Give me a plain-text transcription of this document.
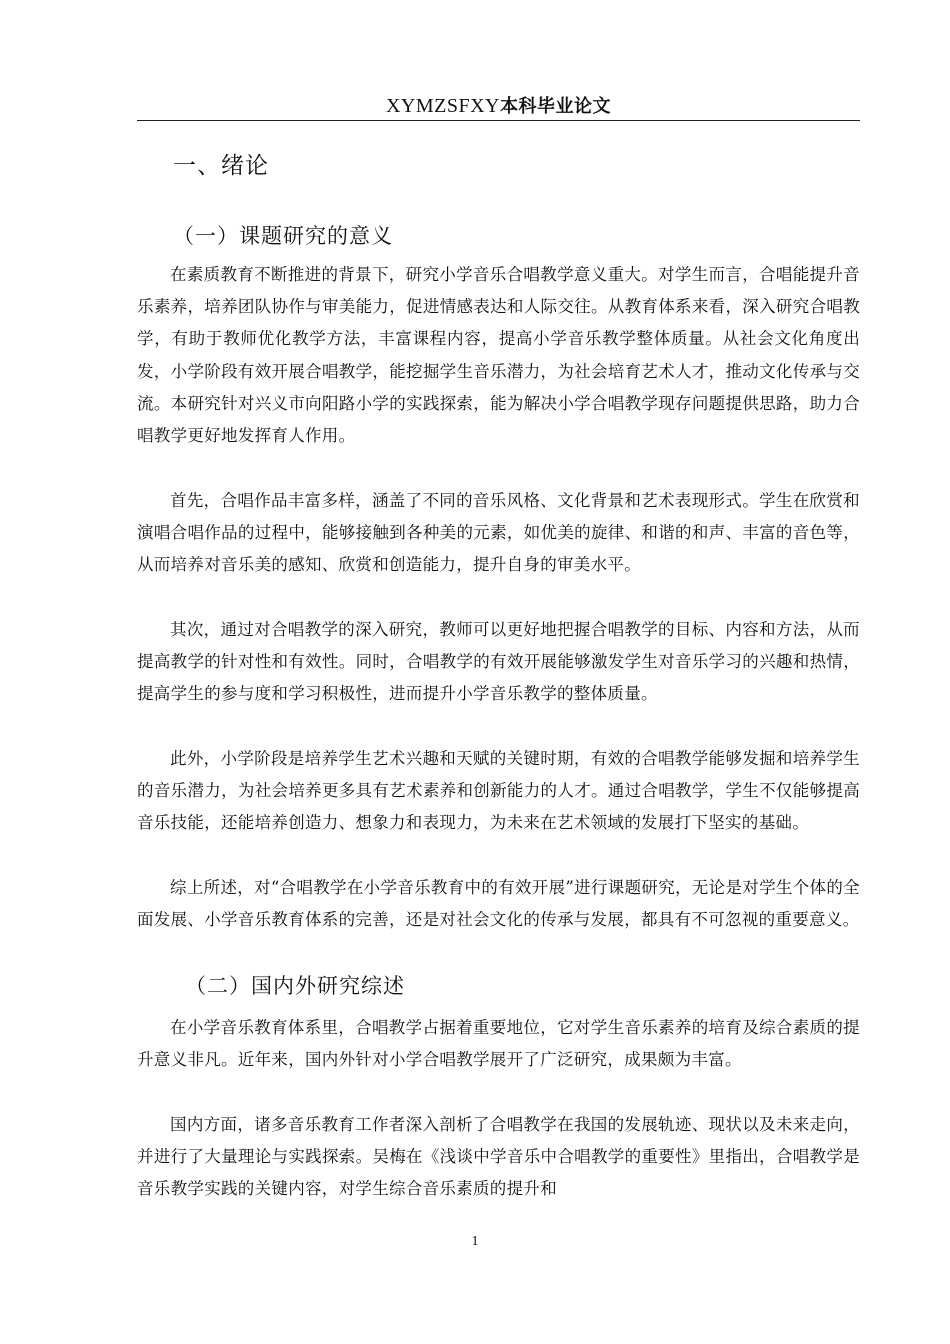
XYMZSFXY本科毕业论文
一、绪论
（一）课题研究的意义

在素质教育不断推进的背景下，研究小学音乐合唱教学意义重大。对学生而言，合唱能提升音乐素养，培养团队协作与审美能力，促进情感表达和人际交往。从教育体系来看，深入研究合唱教学，有助于教师优化教学方法，丰富课程内容，提高小学音乐教学整体质量。从社会文化角度出发，小学阶段有效开展合唱教学，能挖掘学生音乐潜力，为社会培育艺术人才，推动文化传承与交流。本研究针对兴义市向阳路小学的实践探索，能为解决小学合唱教学现存问题提供思路，助力合唱教学更好地发挥育人作用。

首先，合唱作品丰富多样，涵盖了不同的音乐风格、文化背景和艺术表现形式。学生在欣赏和演唱合唱作品的过程中，能够接触到各种美的元素，如优美的旋律、和谐的和声、丰富的音色等，从而培养对音乐美的感知、欣赏和创造能力，提升自身的审美水平。

其次，通过对合唱教学的深入研究，教师可以更好地把握合唱教学的目标、内容和方法，从而提高教学的针对性和有效性。同时，合唱教学的有效开展能够激发学生对音乐学习的兴趣和热情，提高学生的参与度和学习积极性，进而提升小学音乐教学的整体质量。

此外，小学阶段是培养学生艺术兴趣和天赋的关键时期，有效的合唱教学能够发掘和培养学生的音乐潜力，为社会培养更多具有艺术素养和创新能力的人才。通过合唱教学，学生不仅能够提高音乐技能，还能培养创造力、想象力和表现力，为未来在艺术领域的发展打下坚实的基础。

综上所述，对“合唱教学在小学音乐教育中的有效开展”进行课题研究，无论是对学生个体的全面发展、小学音乐教育体系的完善，还是对社会文化的传承与发展，都具有不可忽视的重要意义。

（二）国内外研究综述

在小学音乐教育体系里，合唱教学占据着重要地位，它对学生音乐素养的培育及综合素质的提升意义非凡。近年来，国内外针对小学合唱教学展开了广泛研究，成果颇为丰富。

国内方面，诸多音乐教育工作者深入剖析了合唱教学在我国的发展轨迹、现状以及未来走向，并进行了大量理论与实践探索。吴梅在《浅谈中学音乐中合唱教学的重要性》里指出，合唱教学是音乐教学实践的关键内容，对学生综合音乐素质的提升和

1
